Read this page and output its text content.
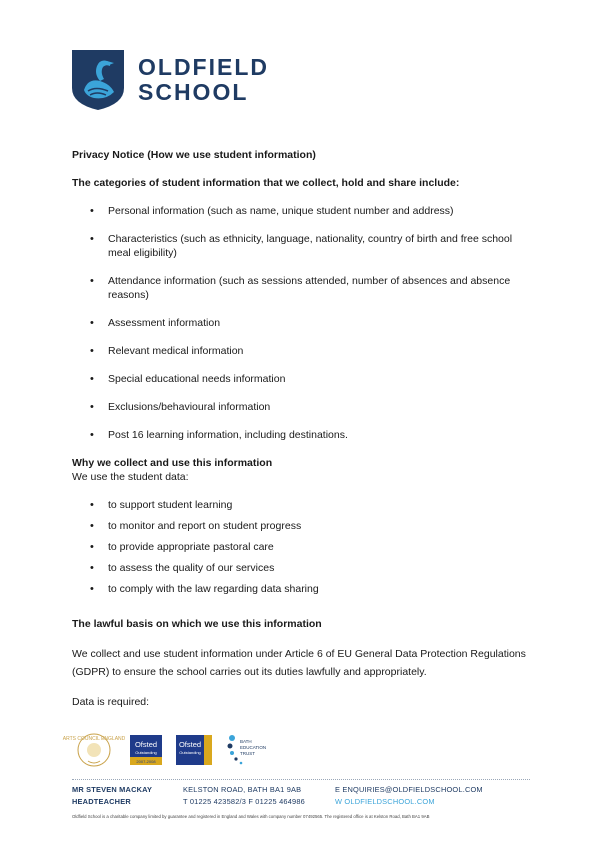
OLDFIELD
SCHOOL

Privacy Notice (How we use student information)

The categories of student information that we collect, hold and share include:

• Personal information (such as name, unique student number and address)
• Characteristics (such as ethnicity, language, nationality, country of birth and free school meal eligibility)
• Attendance information (such as sessions attended, number of absences and absence reasons)
• Assessment information
• Relevant medical information
• Special educational needs information
• Exclusions/behavioural information
• Post 16 learning information, including destinations.

Why we collect and use this information

We use the student data:

• to support student learning
• to monitor and report on student progress
• to provide appropriate pastoral care
• to assess the quality of our services
• to comply with the law regarding data sharing

The lawful basis on which we use this information

We collect and use student information under Article 6 of EU General Data Protection Regulations (GDPR) to ensure the school carries out its duties lawfully and appropriately.

Data is required:

ARTS COUNCIL ENGLAND
Ofsted
Outstanding
2007-2008
Ofsted
Outstanding
BATH
EDUCATION
TRUST
MR STEVEN MACKAY
HEADTEACHER
KELSTON ROAD, BATH BA1 9AB
T 01225 423582/3 F 01225 464986
E ENQUIRIES@OLDFIELDSCHOOL.COM
W OLDFIELDSCHOOL.COM
Oldfield School is a charitable company limited by guarantee and registered in England and Wales with company number 07492565. The registered office is at Kelston Road, Bath BA1 9AB
